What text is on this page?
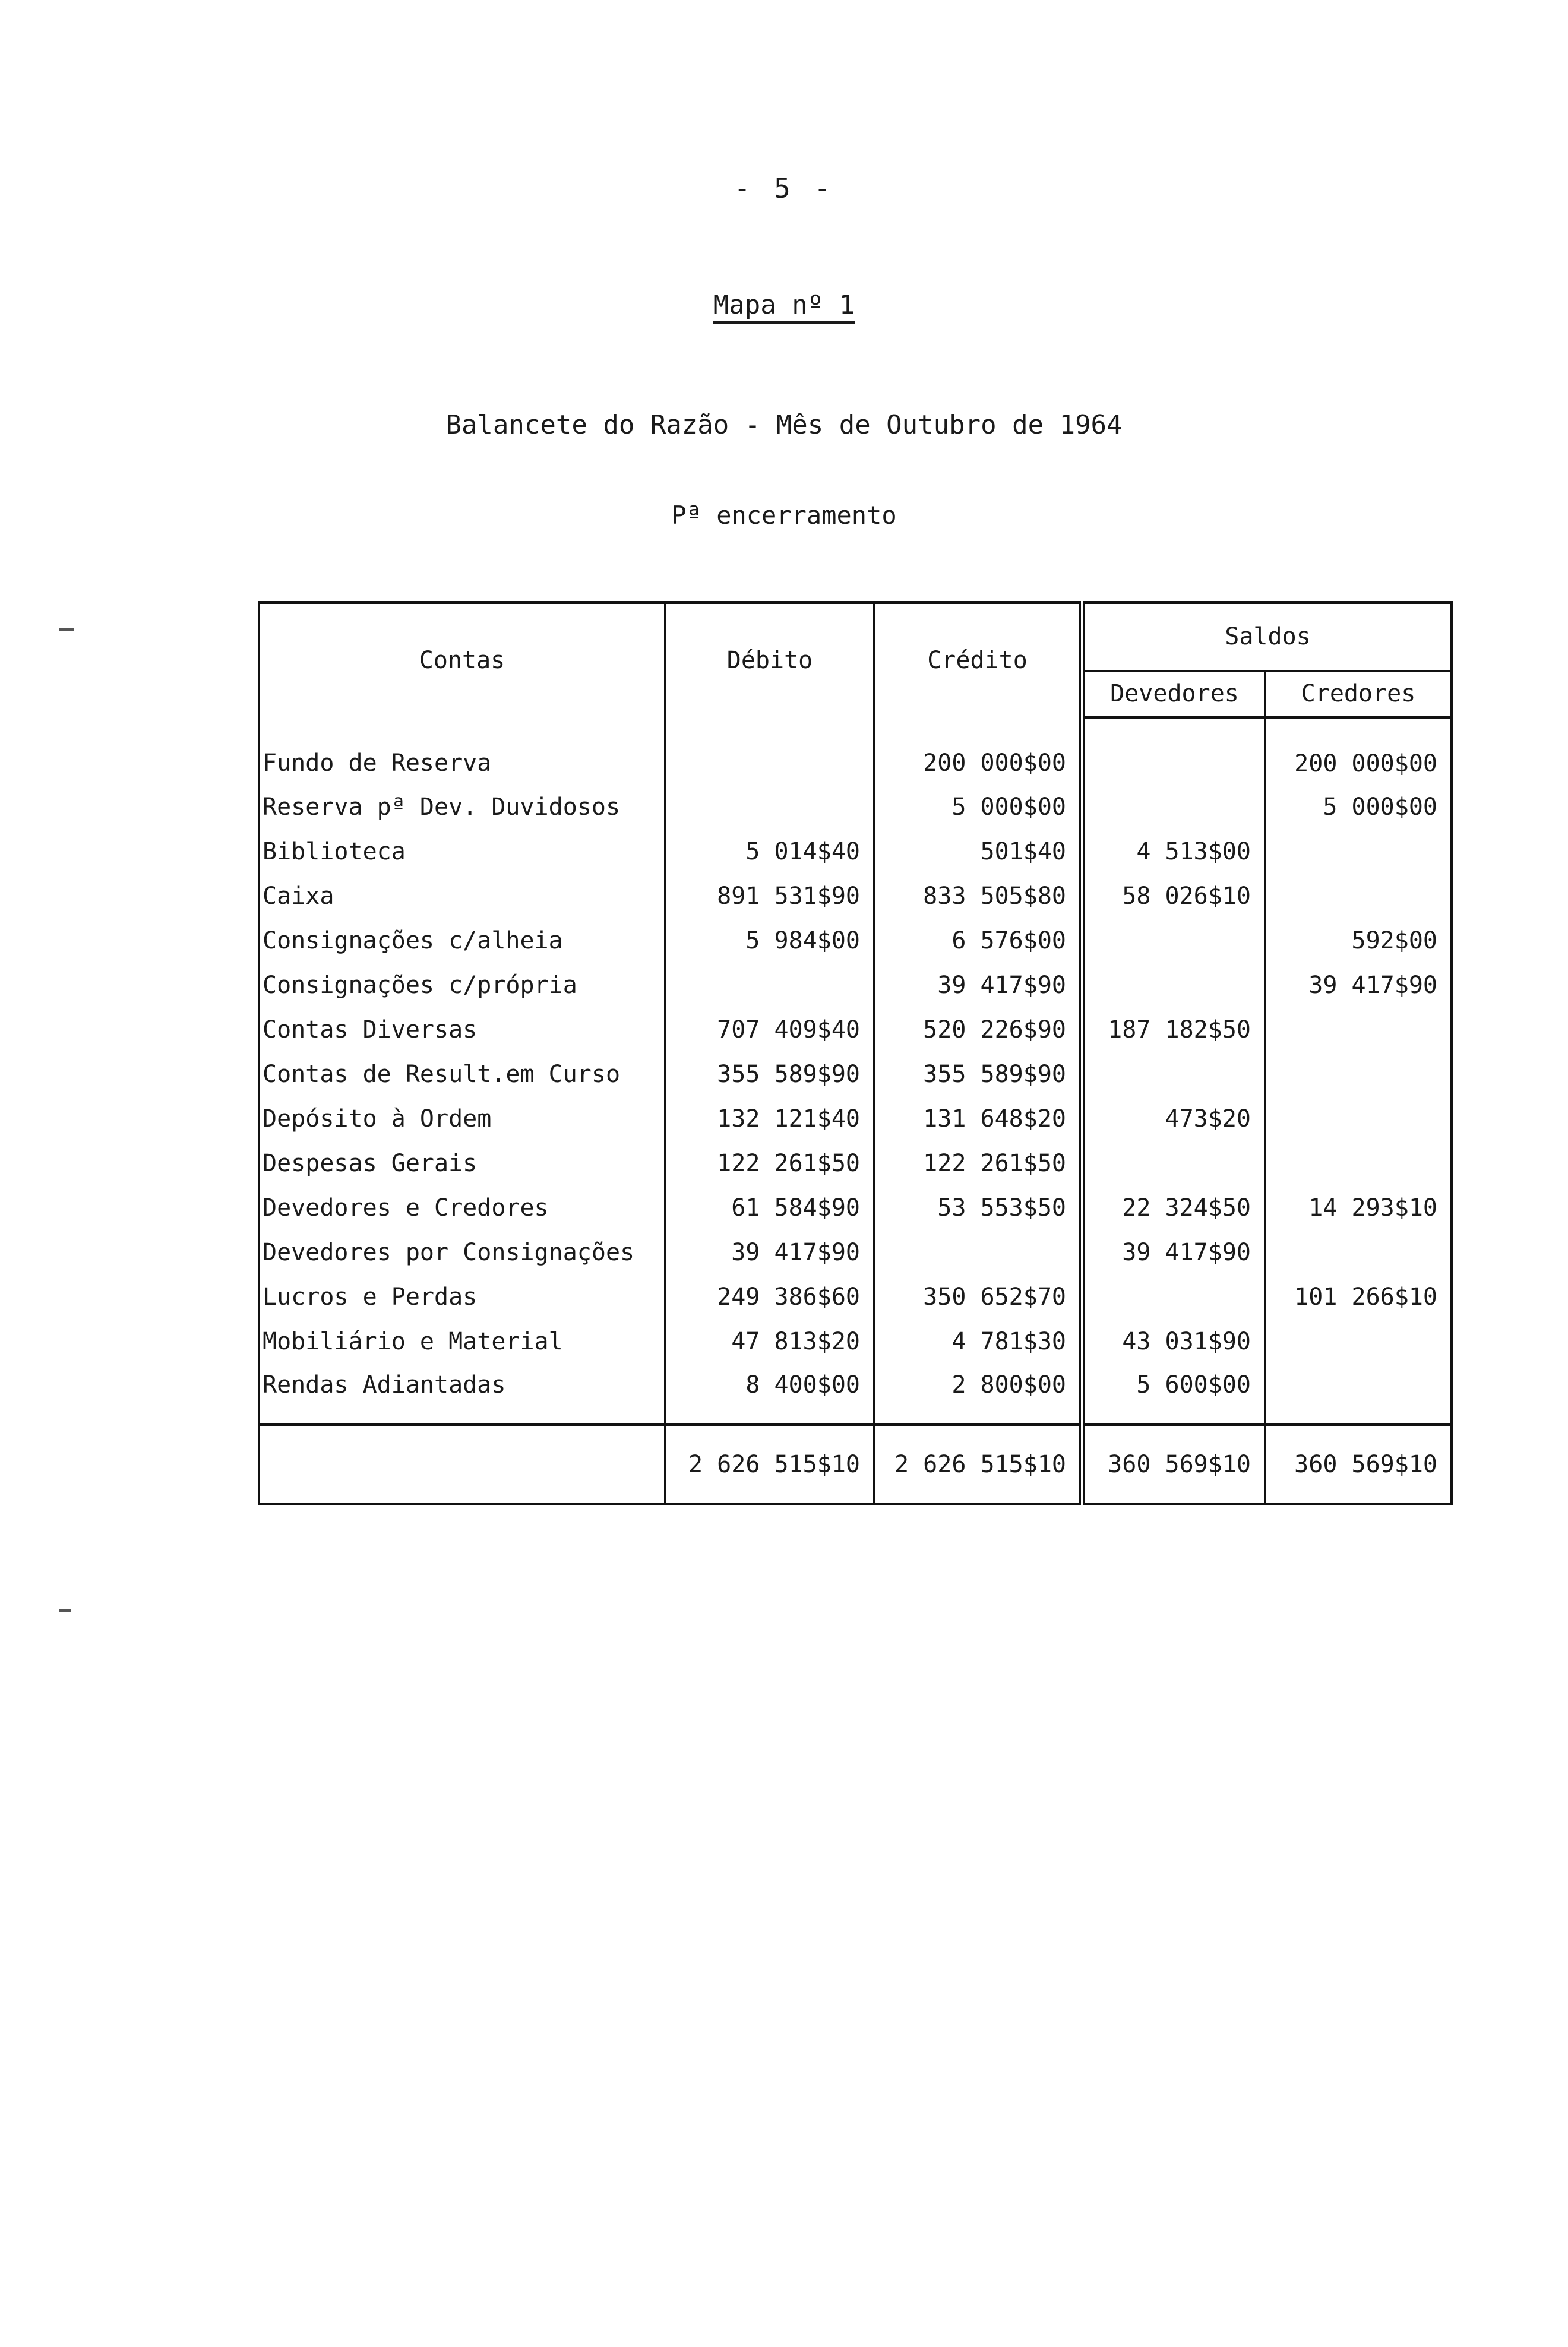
- 5 -
Mapa nº 1
Balancete do Razão - Mês de Outubro de 1964
Pª encerramento
Contas	Débito	Crédito	Saldos	
			Devedores	Credores
Fundo de Reserva		200 000$00		200 000$00
Reserva pª Dev. Duvidosos		5 000$00		5 000$00
Biblioteca	5 014$40	501$40	4 513$00	
Caixa	891 531$90	833 505$80	58 026$10	
Consignações c/alheia	5 984$00	6 576$00		592$00
Consignações c/própria		39 417$90		39 417$90
Contas Diversas	707 409$40	520 226$90	187 182$50	
Contas de Result.em Curso	355 589$90	355 589$90		
Depósito à Ordem	132 121$40	131 648$20	473$20	
Despesas Gerais	122 261$50	122 261$50		
Devedores e Credores	61 584$90	53 553$50	22 324$50	14 293$10
Devedores por Consignações	39 417$90		39 417$90	
Lucros e Perdas	249 386$60	350 652$70		101 266$10
Mobiliário e Material	47 813$20	4 781$30	43 031$90	
Rendas Adiantadas	8 400$00	2 800$00	5 600$00	
	2 626 515$10	2 626 515$10	360 569$10	360 569$10
